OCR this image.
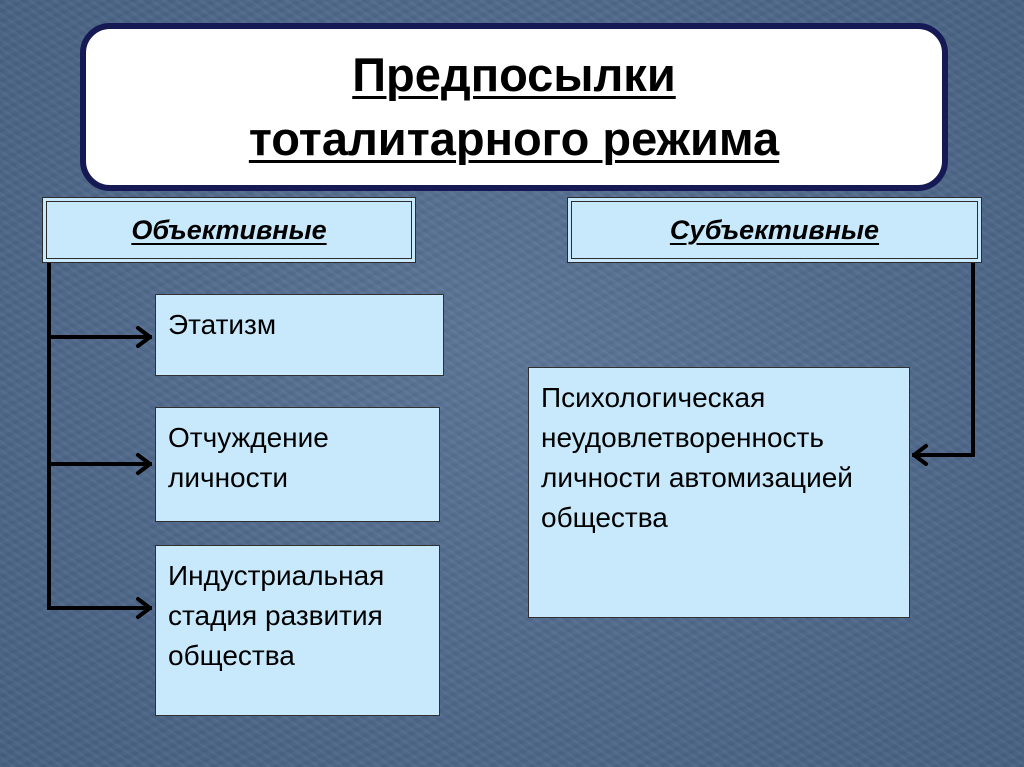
Предпосылки
тоталитарного режима
Объективные	Субъективные
Этатизм
Отчуждение личности
Индустриальная стадия развития общества
Психологическая неудовлетворенность личности автомизацией общества
